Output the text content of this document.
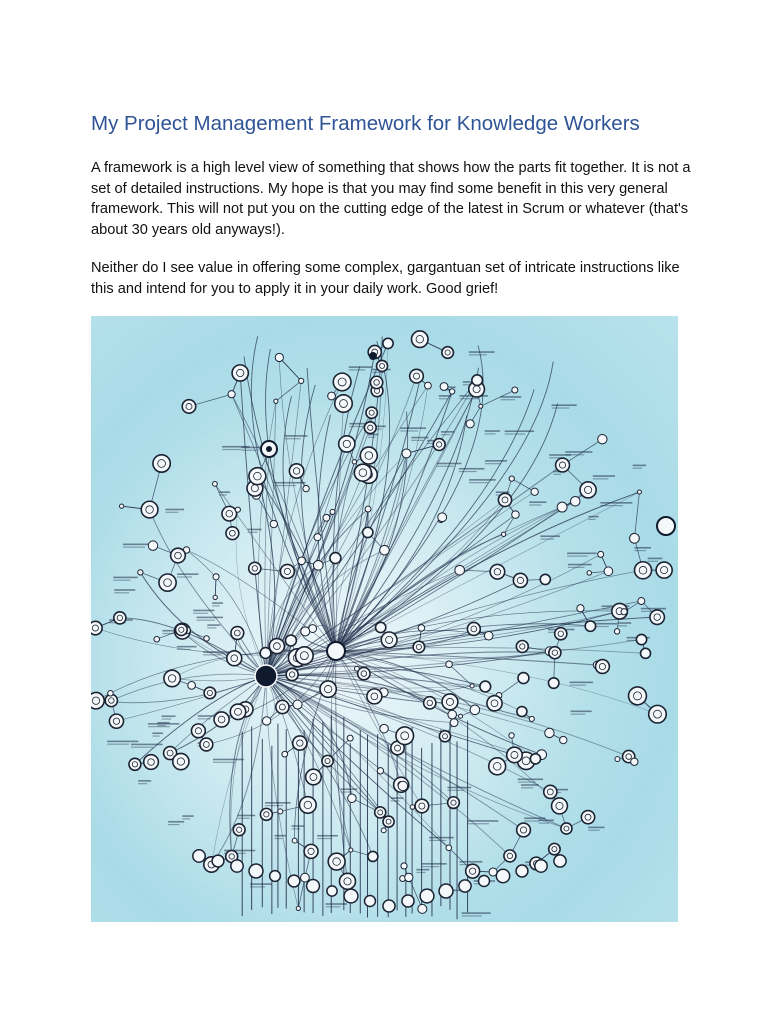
My Project Management Framework for Knowledge Workers

A framework is a high level view of something that shows how the parts fit together. It is not a set of detailed instructions. My hope is that you may find some benefit in this very general framework. This will not put you on the cutting edge of the latest in Scrum or whatever (that's about 30 years old anyways!).

Neither do I see value in offering some complex, gargantuan set of intricate instructions like this and intend for you to apply it in your daily work. Good grief!
